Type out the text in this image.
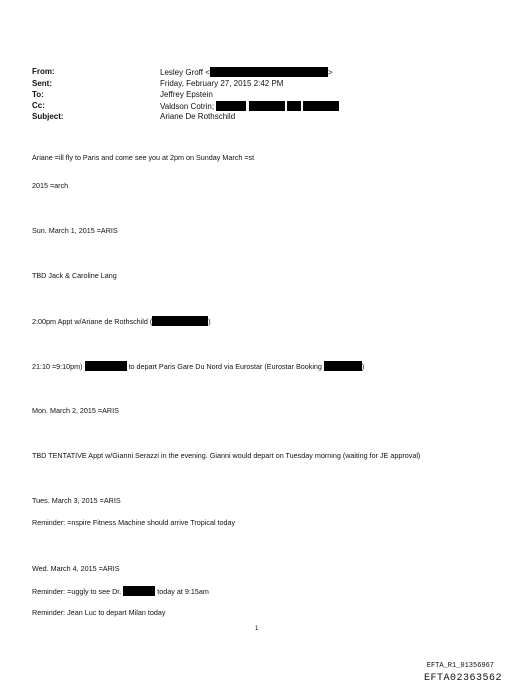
From:	Lesley Groff <	>
Sent:	Friday, February 27, 2015 2:42 PM
To:	Jeffrey Epstein
Cc:	Valdson Cotrin;
Subject:	Ariane De Rothschild
Ariane =ill fly to Paris and come see you at 2pm on Sunday March =st
2015 =arch
Sun. March 1, 2015 =ARIS
TBD Jack & Caroline Lang
2:00pm Appt w/Ariane de Rothschild (	)
21:10 =9:10pm)	to depart Paris Gare Du Nord via Eurostar (Eurostar Booking	)
Mon. March 2, 2015 =ARIS
TBD TENTATIVE Appt w/Gianni Serazzi in the evening. Gianni would depart on Tuesday morning (waiting for JE approval)
Tues. March 3, 2015 =ARIS
Reminder: =nspire Fitness Machine should arrive Tropical today
Wed. March 4, 2015 =ARIS
Reminder: =uggly to see Dr.	today at 9:15am
Reminder: Jean Luc to depart Milan today
1
EFTA_R1_01356967
EFTA02363562
